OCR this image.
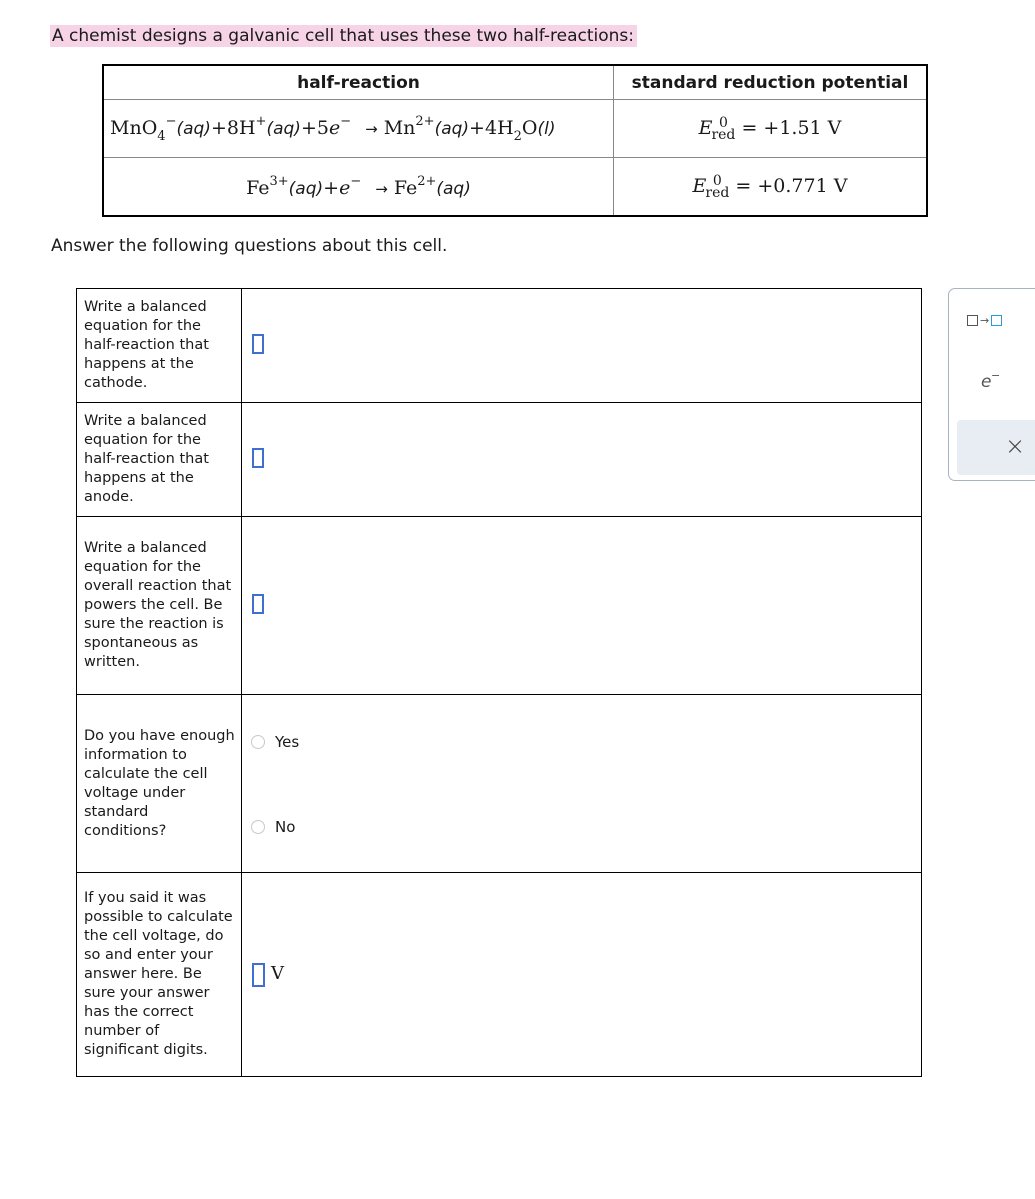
A chemist designs a galvanic cell that uses these two half-reactions:
half-reaction	standard reduction potential
$MnO_4^-(aq)+8H^+(aq)+5e^- \to Mn^{2+}(aq)+4H_2O(l)$	E 0
red = +1.51 V
$Fe^{3+}(aq)+e^- \to Fe^{2+}(aq)$	E 0
red = +0.771 V
Answer the following questions about this cell.
Write a balanced equation for the half-reaction that happens at the cathode.	
Write a balanced equation for the half-reaction that happens at the anode.	
Write a balanced equation for the overall reaction that powers the cell. Be sure the reaction is spontaneous as written.	
Do you have enough information to calculate the cell voltage under standard conditions?	Yes
No

If you said it was possible to calculate the cell voltage, do so and enter your answer here. Be sure your answer has the correct number of significant digits.	V
→
e −
×
